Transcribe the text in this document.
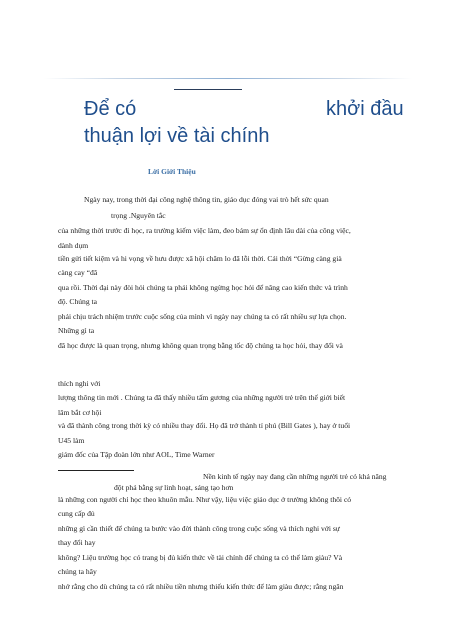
Để có	khởi đầu
thuận lợi về tài chính
Lời Giới Thiệu
Ngày nay, trong thời đại công nghệ thông tin, giáo dục đóng vai trò hết sức quan
trọng .Nguyên tắc
của những thời trước đi học, ra trường kiếm việc làm, đeo bám sự ổn định lâu dài của công việc,
dành dụm
tiền gửi tiết kiệm và hi vọng về hưu được xã hội chăm lo đã lỗi thời. Cái thời “Gừng càng già
càng cay “đã
qua rồi. Thời đại này đòi hỏi chúng ta phải không ngừng học hỏi để nâng cao kiến thức và trình
độ. Chúng ta
phải chịu trách nhiệm trước cuộc sống của mình vì ngày nay chúng ta có rất nhiều sự lựa chọn.
Những gì ta
đã học được là quan trọng, nhưng không quan trọng bằng tốc độ chúng ta học hỏi, thay đổi và
thích nghi với
lượng thông tin mới . Chúng ta đã thấy nhiều tấm gương của những người trẻ trên thế giới biết
lâm bắt cơ hội
và đã thành công trong thời kỳ có nhiều thay đổi. Họ đã trở thành tỉ phú (Bill Gates ), hay ở tuổi
U45 làm
giám đốc của Tập đoàn lớn như AOL, Time Warner
Nền kinh tế ngày nay đang cần những người trẻ có khả năng
đột phá bằng sự linh hoạt, sáng tạo hơn
là những con người chỉ học theo khuôn mẫu. Như vậy, liệu việc giáo dục ở trường không thôi có
cung cấp đủ
những gì cần thiết để chúng ta bước vào đời thành công trong cuộc sống và thích nghi với sự
thay đổi hay
không? Liệu trường học có trang bị đủ kiến thức về tài chính để chúng ta có thể làm giàu? Và
chúng ta hãy
nhớ rằng cho dù chúng ta có rất nhiều tiền nhưng thiếu kiến thức để làm giàu được; rằng ngân
